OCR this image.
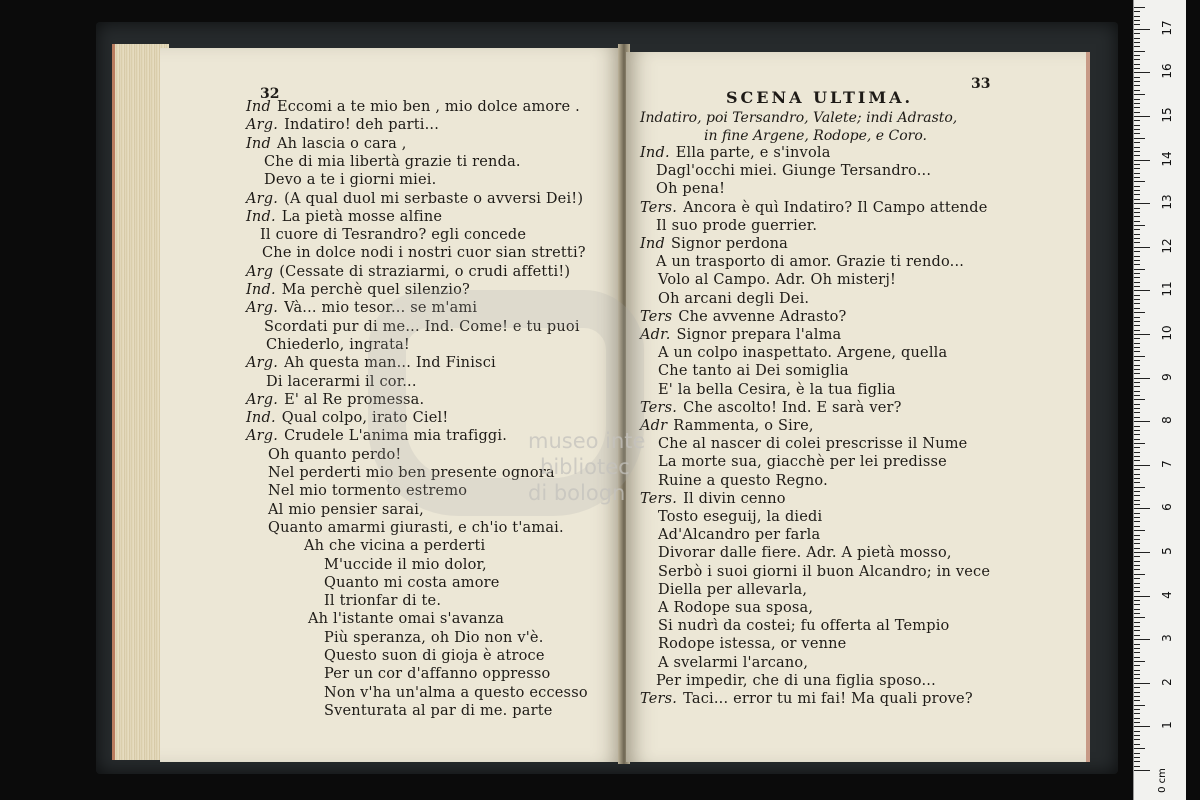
32
Ind Eccomi a te mio ben , mio dolce amore .
Arg. Indatiro! deh parti...
Ind Ah lascia o cara ,
Che di mia libertà grazie ti renda.
Devo a te i giorni miei.
Arg. (A qual duol mi serbaste o avversi Dei!)
Ind. La pietà mosse alfine
Il cuore di Tesrandro? egli concede
Che in dolce nodi i nostri cuor sian stretti?
Arg (Cessate di straziarmi, o crudi affetti!)
Ind. Ma perchè quel silenzio?
Arg. Và... mio tesor... se m'ami
Scordati pur di me... Ind. Come! e tu puoi
Chiederlo, ingrata!
Arg. Ah questa man... Ind Finisci
Di lacerarmi il cor...
Arg. E' al Re promessa.
Ind. Qual colpo, irato Ciel!
Arg. Crudele L'anima mia trafiggi.
Oh quanto perdo!
Nel perderti mio ben presente ognora
Nel mio tormento estremo
Al mio pensier sarai,
Quanto amarmi giurasti, e ch'io t'amai.
Ah che vicina a perderti
M'uccide il mio dolor,
Quanto mi costa amore
Il trionfar di te.
Ah l'istante omai s'avanza
Più speranza, oh Dio non v'è.
Questo suon di gioja è atroce
Per un cor d'affanno oppresso
Non v'ha un'alma a questo eccesso
Sventurata al par di me. parte
33
SCENA ULTIMA.
Indatiro, poi Tersandro, Valete; indi Adrasto,
in fine Argene, Rodope, e Coro.
Ind. Ella parte, e s'invola
Dagl'occhi miei. Giunge Tersandro...
Oh pena!
Ters. Ancora è quì Indatiro? Il Campo attende
Il suo prode guerrier.
Ind Signor perdona
A un trasporto di amor. Grazie ti rendo...
Volo al Campo. Adr. Oh misterj!
Oh arcani degli Dei.
Ters Che avvenne Adrasto?
Adr. Signor prepara l'alma
A un colpo inaspettato. Argene, quella
Che tanto ai Dei somiglia
E' la bella Cesira, è la tua figlia
Ters. Che ascolto! Ind. E sarà ver?
Adr Rammenta, o Sire,
Che al nascer di colei prescrisse il Nume
La morte sua, giacchè per lei predisse
Ruine a questo Regno.
Ters. Il divin cenno
Tosto eseguij, la diedi
Ad'Alcandro per farla
Divorar dalle fiere. Adr. A pietà mosso,
Serbò i suoi giorni il buon Alcandro; in vece
Diella per allevarla,
A Rodope sua sposa,
Si nudrì da costei; fu offerta al Tempio
Rodope istessa, or venne
A svelarmi l'arcano,
Per impedir, che di una figlia sposo...
Ters. Taci... error tu mi fai! Ma quali prove?
museo inte
bibliotec
di bologn
0 cm
1
2
3
4
5
6
7
8
9
10
11
12
13
14
15
16
17
